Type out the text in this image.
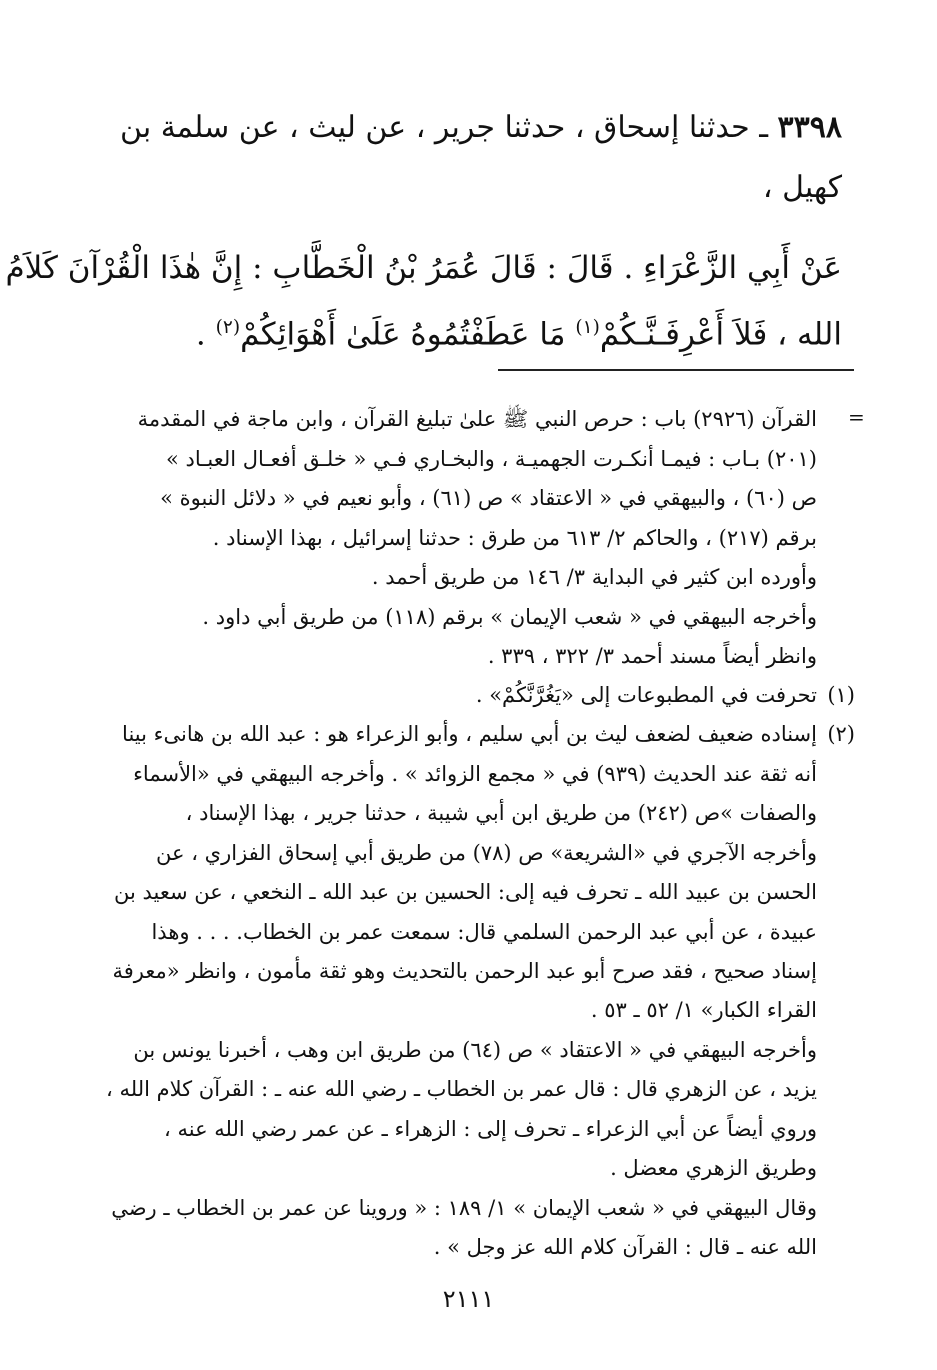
٣٣٩٨ ـ حدثنا إسحاق ، حدثنا جرير ، عن ليث ، عن سلمة بن
كهيل ،
عَنْ أَبِي الزَّعْرَاءِ . قَالَ : قَالَ عُمَرُ بْنُ الْخَطَّابِ : إِنَّ هٰذَا الْقُرْآنَ كَلاَمُ
الله ، فَلاَ أَعْرِفَـنَّـكُمْ$^{(١)}$ مَا عَطَفْتُمُوهُ عَلَىٰ أَهْوَائِكُمْ$^{(٢)}$ .
=
القرآن (٢٩٢٦) باب : حرص النبي ﷺ علىٰ تبليغ القرآن ، وابن ماجة في المقدمة
(٢٠١) بـاب : فيمـا أنكـرت الجهميـة ، والبخـاري فـي « خلـق أفعـال العبـاد »
ص (٦٠) ، والبيهقي في « الاعتقاد » ص (٦١) ، وأبو نعيم في « دلائل النبوة »
برقم (٢١٧) ، والحاكم ٢/ ٦١٣ من طرق : حدثنا إسرائيل ، بهذا الإسناد .
وأورده ابن كثير في البداية ٣/ ١٤٦ من طريق أحمد .
وأخرجه البيهقي في « شعب الإيمان » برقم (١١٨) من طريق أبي داود .
وانظر أيضاً مسند أحمد ٣/ ٣٢٢ ، ٣٣٩ .
(١)
تحرفت في المطبوعات إلى «يَغُرَّنَّكُمْ» .
(٢)
إسناده ضعيف لضعف ليث بن أبي سليم ، وأبو الزعراء هو : عبد الله بن هانىء بينا
أنه ثقة عند الحديث (٩٣٩) في « مجمع الزوائد » . وأخرجه البيهقي في «الأسماء
والصفات »ص (٢٤٢) من طريق ابن أبي شيبة ، حدثنا جرير ، بهذا الإسناد ،
وأخرجه الآجري في «الشريعة» ص (٧٨) من طريق أبي إسحاق الفزاري ، عن
الحسن بن عبيد الله ـ تحرف فيه إلى: الحسين بن عبد الله ـ النخعي ، عن سعيد بن
عبيدة ، عن أبي عبد الرحمن السلمي قال: سمعت عمر بن الخطاب. . . . وهذا
إسناد صحيح ، فقد صرح أبو عبد الرحمن بالتحديث وهو ثقة مأمون ، وانظر «معرفة
القراء الكبار» ١/ ٥٢ ـ ٥٣ .
وأخرجه البيهقي في « الاعتقاد » ص (٦٤) من طريق ابن وهب ، أخبرنا يونس بن
يزيد ، عن الزهري قال : قال عمر بن الخطاب ـ رضي الله عنه ـ : القرآن كلام الله ،
وروي أيضاً عن أبي الزعراء ـ تحرف إلى : الزهراء ـ عن عمر رضي الله عنه ،
وطريق الزهري معضل .
وقال البيهقي في « شعب الإيمان » ١/ ١٨٩ : « وروينا عن عمر بن الخطاب ـ رضي
الله عنه ـ قال : القرآن كلام الله عز وجل » .
٢١١١
